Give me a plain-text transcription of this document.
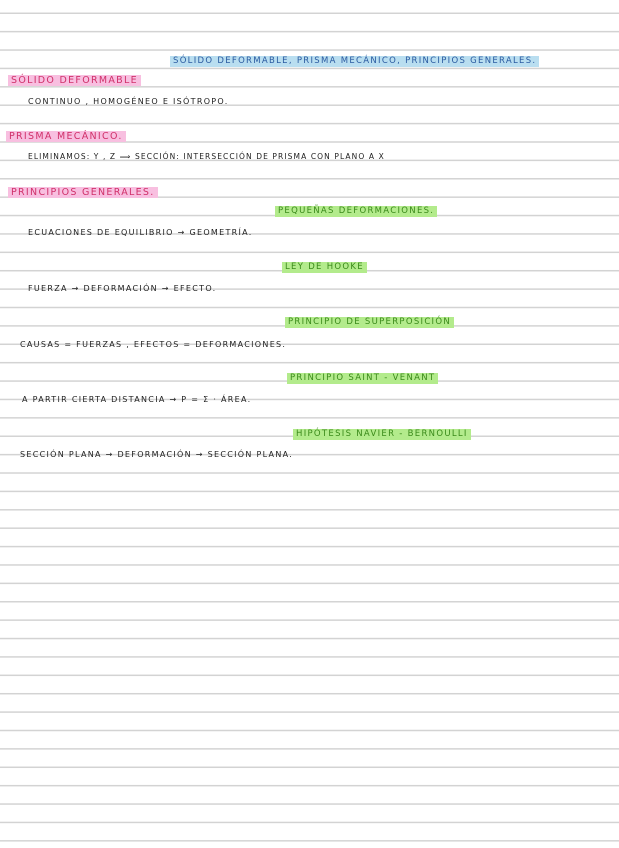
SÓLIDO DEFORMABLE, PRISMA MECÁNICO, PRINCIPIOS GENERALES.
SÓLIDO DEFORMABLE
CONTINUO , HOMOGÉNEO E ISÓTROPO.
PRISMA MECÁNICO.
ELIMINAMOS: Y , Z ⟹ SECCIÓN: INTERSECCIÓN DE PRISMA CON PLANO A X
PRINCIPIOS GENERALES.
PEQUEÑAS DEFORMACIONES.
ECUACIONES DE EQUILIBRIO → GEOMETRÍA.
LEY DE HOOKE
FUERZA → DEFORMACIÓN → EFECTO.
PRINCIPIO DE SUPERPOSICIÓN
CAUSAS = FUERZAS , EFECTOS = DEFORMACIONES.
PRINCIPIO SAINT - VENANT
A PARTIR CIERTA DISTANCIA → P = Σ · ÁREA.
HIPÓTESIS NAVIER - BERNOULLI
SECCIÓN PLANA → DEFORMACIÓN → SECCIÓN PLANA.
